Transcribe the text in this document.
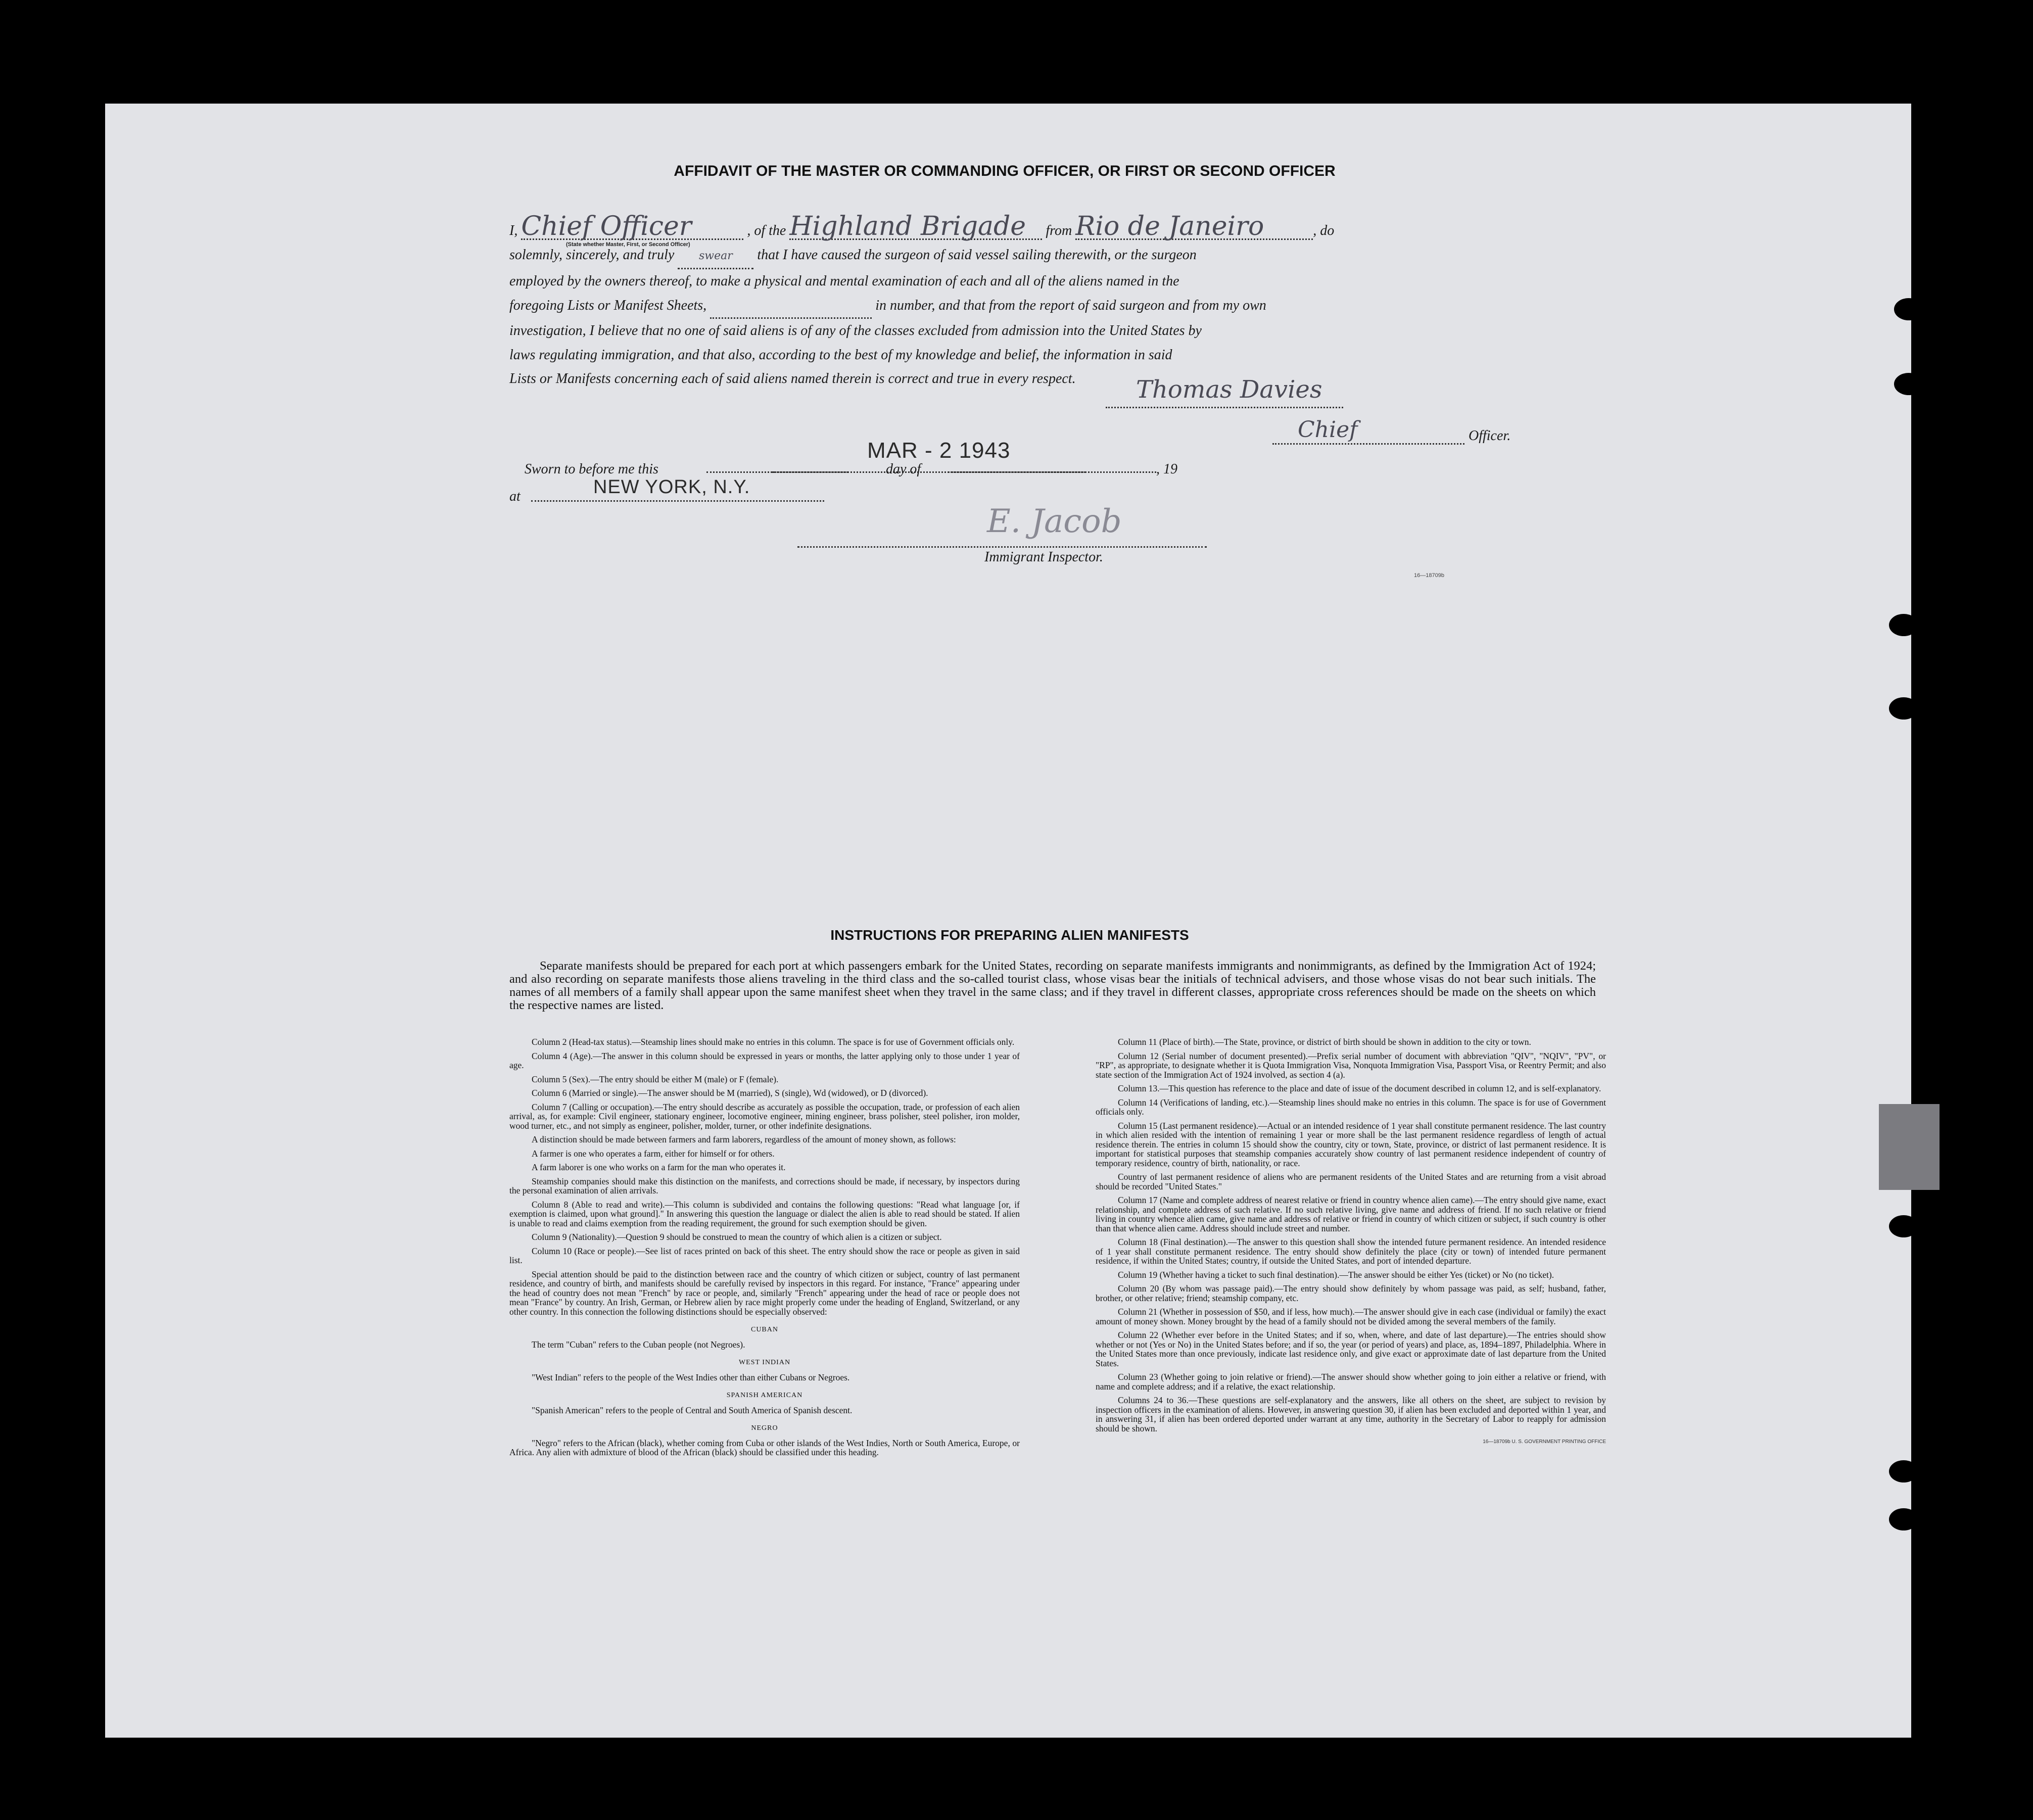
AFFIDAVIT OF THE MASTER OR COMMANDING OFFICER, OR FIRST OR SECOND OFFICER
I, Chief Officer	, of the Highland Brigade from Rio de Janeiro	, do
(State whether Master, First, or Second Officer)
solemnly, sincerely, and truly swear that I have caused the surgeon of said vessel sailing therewith, or the surgeon
employed by the owners thereof, to make a physical and mental examination of each and all of the aliens named in the
foregoing Lists or Manifest Sheets,	in number, and that from the report of said surgeon and from my own
investigation, I believe that no one of said aliens is of any of the classes excluded from admission into the United States by
laws regulating immigration, and that also, according to the best of my knowledge and belief, the information in said
Lists or Manifests concerning each of said aliens named therein is correct and true in every respect.	Thomas Davies
Chief	Officer.
Sworn to before me this
MAR - 2 1943
day of	, 19
at	NEW YORK, N.Y.
E. Jacob
Immigrant Inspector.
16—18709b
INSTRUCTIONS FOR PREPARING ALIEN MANIFESTS
Separate manifests should be prepared for each port at which passengers embark for the United States, recording on separate manifests immigrants and nonimmigrants, as defined by the Immigration Act of 1924; and also recording on separate manifests those aliens traveling in the third class and the so-called tourist class, whose visas bear the initials of technical advisers, and those whose visas do not bear such initials. The names of all members of a family shall appear upon the same manifest sheet when they travel in the same class; and if they travel in different classes, appropriate cross references should be made on the sheets on which the respective names are listed.

Column 2 (Head-tax status).—Steamship lines should make no entries in this column. The space is for use of Government officials only.

Column 4 (Age).—The answer in this column should be expressed in years or months, the latter applying only to those under 1 year of age.

Column 5 (Sex).—The entry should be either M (male) or F (female).

Column 6 (Married or single).—The answer should be M (married), S (single), Wd (widowed), or D (divorced).

Column 7 (Calling or occupation).—The entry should describe as accurately as possible the occupation, trade, or profession of each alien arrival, as, for example: Civil engineer, stationary engineer, locomotive engineer, mining engineer, brass polisher, steel polisher, iron molder, wood turner, etc., and not simply as engineer, polisher, molder, turner, or other indefinite designations.

A distinction should be made between farmers and farm laborers, regardless of the amount of money shown, as follows:

A farmer is one who operates a farm, either for himself or for others.

A farm laborer is one who works on a farm for the man who operates it.

Steamship companies should make this distinction on the manifests, and corrections should be made, if necessary, by inspectors during the personal examination of alien arrivals.

Column 8 (Able to read and write).—This column is subdivided and contains the following questions: "Read what language [or, if exemption is claimed, upon what ground]." In answering this question the language or dialect the alien is able to read should be stated. If alien is unable to read and claims exemption from the reading requirement, the ground for such exemption should be given.

Column 9 (Nationality).—Question 9 should be construed to mean the country of which alien is a citizen or subject.

Column 10 (Race or people).—See list of races printed on back of this sheet. The entry should show the race or people as given in said list.

Special attention should be paid to the distinction between race and the country of which citizen or subject, country of last permanent residence, and country of birth, and manifests should be carefully revised by inspectors in this regard. For instance, "France" appearing under the head of country does not mean "French" by race or people, and, similarly "French" appearing under the head of race or people does not mean "France" by country. An Irish, German, or Hebrew alien by race might properly come under the heading of England, Switzerland, or any other country. In this connection the following distinctions should be especially observed:

CUBAN

The term "Cuban" refers to the Cuban people (not Negroes).

WEST INDIAN

"West Indian" refers to the people of the West Indies other than either Cubans or Negroes.

SPANISH AMERICAN

"Spanish American" refers to the people of Central and South America of Spanish descent.

NEGRO

"Negro" refers to the African (black), whether coming from Cuba or other islands of the West Indies, North or South America, Europe, or Africa. Any alien with admixture of blood of the African (black) should be classified under this heading.

Column 11 (Place of birth).—The State, province, or district of birth should be shown in addition to the city or town.

Column 12 (Serial number of document presented).—Prefix serial number of document with abbreviation "QIV", "NQIV", "PV", or "RP", as appropriate, to designate whether it is Quota Immigration Visa, Nonquota Immigration Visa, Passport Visa, or Reentry Permit; and also state section of the Immigration Act of 1924 involved, as section 4 (a).

Column 13.—This question has reference to the place and date of issue of the document described in column 12, and is self-explanatory.

Column 14 (Verifications of landing, etc.).—Steamship lines should make no entries in this column. The space is for use of Government officials only.

Column 15 (Last permanent residence).—Actual or an intended residence of 1 year shall constitute permanent residence. The last country in which alien resided with the intention of remaining 1 year or more shall be the last permanent residence regardless of length of actual residence therein. The entries in column 15 should show the country, city or town, State, province, or district of last permanent residence. It is important for statistical purposes that steamship companies accurately show country of last permanent residence independent of country of temporary residence, country of birth, nationality, or race.

Country of last permanent residence of aliens who are permanent residents of the United States and are returning from a visit abroad should be recorded "United States."

Column 17 (Name and complete address of nearest relative or friend in country whence alien came).—The entry should give name, exact relationship, and complete address of such relative. If no such relative living, give name and address of friend. If no such relative or friend living in country whence alien came, give name and address of relative or friend in country of which citizen or subject, if such country is other than that whence alien came. Address should include street and number.

Column 18 (Final destination).—The answer to this question shall show the intended future permanent residence. An intended residence of 1 year shall constitute permanent residence. The entry should show definitely the place (city or town) of intended future permanent residence, if within the United States; country, if outside the United States, and port of intended departure.

Column 19 (Whether having a ticket to such final destination).—The answer should be either Yes (ticket) or No (no ticket).

Column 20 (By whom was passage paid).—The entry should show definitely by whom passage was paid, as self; husband, father, brother, or other relative; friend; steamship company, etc.

Column 21 (Whether in possession of $50, and if less, how much).—The answer should give in each case (individual or family) the exact amount of money shown. Money brought by the head of a family should not be divided among the several members of the family.

Column 22 (Whether ever before in the United States; and if so, when, where, and date of last departure).—The entries should show whether or not (Yes or No) in the United States before; and if so, the year (or period of years) and place, as, 1894–1897, Philadelphia. Where in the United States more than once previously, indicate last residence only, and give exact or approximate date of last departure from the United States.

Column 23 (Whether going to join relative or friend).—The answer should show whether going to join either a relative or friend, with name and complete address; and if a relative, the exact relationship.

Columns 24 to 36.—These questions are self-explanatory and the answers, like all others on the sheet, are subject to revision by inspection officers in the examination of aliens. However, in answering question 30, if alien has been excluded and deported within 1 year, and in answering 31, if alien has been ordered deported under warrant at any time, authority in the Secretary of Labor to reapply for admission should be shown.

16—18709b U. S. GOVERNMENT PRINTING OFFICE
